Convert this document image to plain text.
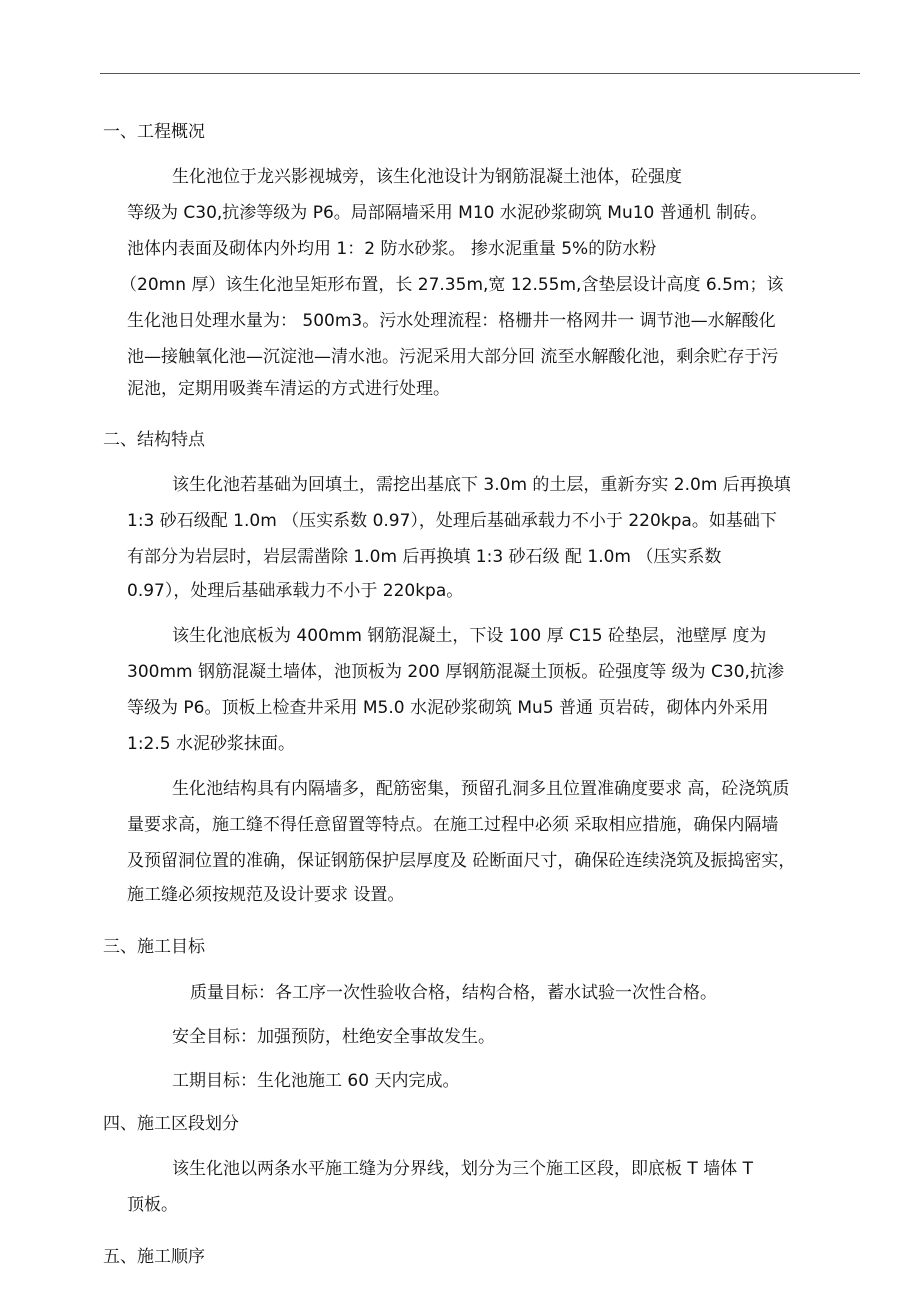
一、工程概况
生化池位于龙兴影视城旁，该生化池设计为钢筋混凝土池体，砼强度
等级为 C30,抗渗等级为 P6。局部隔墙采用 M10 水泥砂浆砌筑 Mu10 普通机 制砖。
池体内表面及砌体内外均用 1：2 防水砂浆。 掺水泥重量 5%的防水粉
（20mn 厚）该生化池呈矩形布置，长 27.35m,宽 12.55m,含垫层设计高度 6.5m；该
生化池日处理水量为： 500m3。污水处理流程：格栅井一格网井一 调节池—水解酸化
池—接触氧化池—沉淀池—清水池。污泥采用大部分回 流至水解酸化池，剩余贮存于污
泥池，定期用吸粪车清运的方式进行处理。
二、结构特点
该生化池若基础为回填土，需挖出基底下 3.0m 的土层，重新夯实 2.0m 后再换填
1:3 砂石级配 1.0m （压实系数 0.97），处理后基础承载力不小于 220kpa。如基础下
有部分为岩层时，岩层需凿除 1.0m 后再换填 1:3 砂石级 配 1.0m （压实系数
0.97），处理后基础承载力不小于 220kpa。
该生化池底板为 400mm 钢筋混凝土，下设 100 厚 C15 砼垫层，池壁厚 度为
300mm 钢筋混凝土墙体，池顶板为 200 厚钢筋混凝土顶板。砼强度等 级为 C30,抗渗
等级为 P6。顶板上检查井采用 M5.0 水泥砂浆砌筑 Mu5 普通 页岩砖，砌体内外采用
1:2.5 水泥砂浆抹面。
生化池结构具有内隔墙多，配筋密集，预留孔洞多且位置准确度要求 高，砼浇筑质
量要求高，施工缝不得任意留置等特点。在施工过程中必须 采取相应措施，确保内隔墙
及预留洞位置的准确，保证钢筋保护层厚度及 砼断面尺寸，确保砼连续浇筑及振捣密实，
施工缝必须按规范及设计要求 设置。
三、施工目标
质量目标：各工序一次性验收合格，结构合格，蓄水试验一次性合格。
安全目标：加强预防，杜绝安全事故发生。
工期目标：生化池施工 60 天内完成。
四、施工区段划分
该生化池以两条水平施工缝为分界线，划分为三个施工区段，即底板 T 墙体 T
顶板。
五、施工顺序
